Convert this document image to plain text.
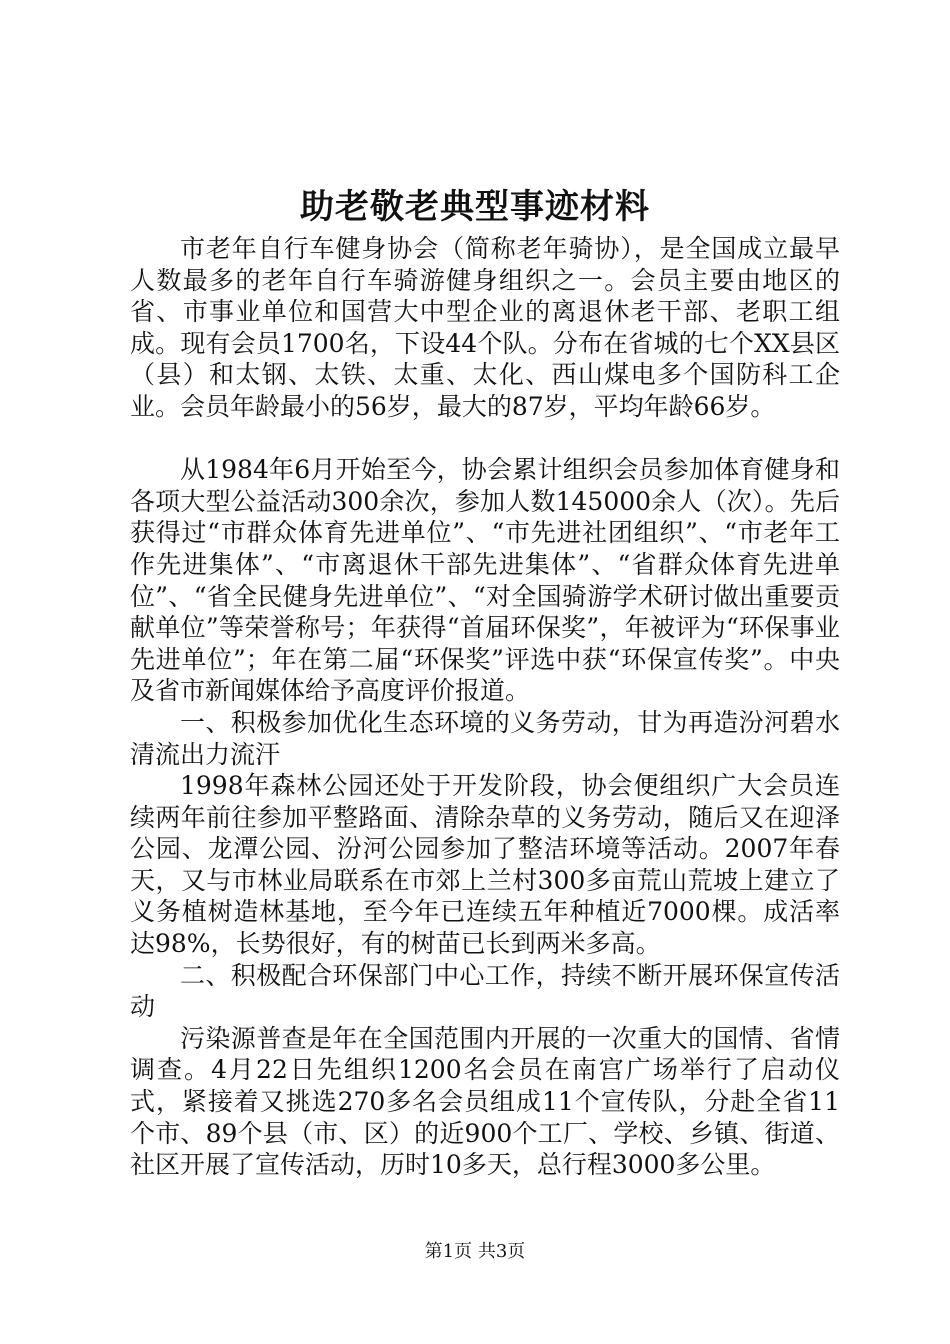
助老敬老典型事迹材料

市老年自行车健身协会（简称老年骑协），是全国成立最早人数最多的老年自行车骑游健身组织之一。会员主要由地区的省、市事业单位和国营大中型企业的离退休老干部、老职工组成。现有会员1700名，下设44个队。分布在省城的七个XX县区（县）和太钢、太铁、太重、太化、西山煤电多个国防科工企业。会员年龄最小的56岁，最大的87岁，平均年龄66岁。

从1984年6月开始至今，协会累计组织会员参加体育健身和各项大型公益活动300余次，参加人数145000余人（次）。先后获得过“市群众体育先进单位”、“市先进社团组织”、“市老年工作先进集体”、“市离退休干部先进集体”、“省群众体育先进单位”、“省全民健身先进单位”、“对全国骑游学术研讨做出重要贡献单位”等荣誉称号；年获得“首届环保奖”，年被评为“环保事业先进单位”；年在第二届“环保奖”评选中获“环保宣传奖”。中央及省市新闻媒体给予高度评价报道。

一、积极参加优化生态环境的义务劳动，甘为再造汾河碧水清流出力流汗

1998年森林公园还处于开发阶段，协会便组织广大会员连续两年前往参加平整路面、清除杂草的义务劳动，随后又在迎泽公园、龙潭公园、汾河公园参加了整洁环境等活动。2007年春天，又与市林业局联系在市郊上兰村300多亩荒山荒坡上建立了义务植树造林基地，至今年已连续五年种植近7000棵。成活率达98%，长势很好，有的树苗已长到两米多高。

二、积极配合环保部门中心工作，持续不断开展环保宣传活动

污染源普查是年在全国范围内开展的一次重大的国情、省情调查。4月22日先组织1200名会员在南宫广场举行了启动仪式，紧接着又挑选270多名会员组成11个宣传队，分赴全省11个市、89个县（市、区）的近900个工厂、学校、乡镇、街道、社区开展了宣传活动，历时10多天，总行程3000多公里。

第1页 共3页
